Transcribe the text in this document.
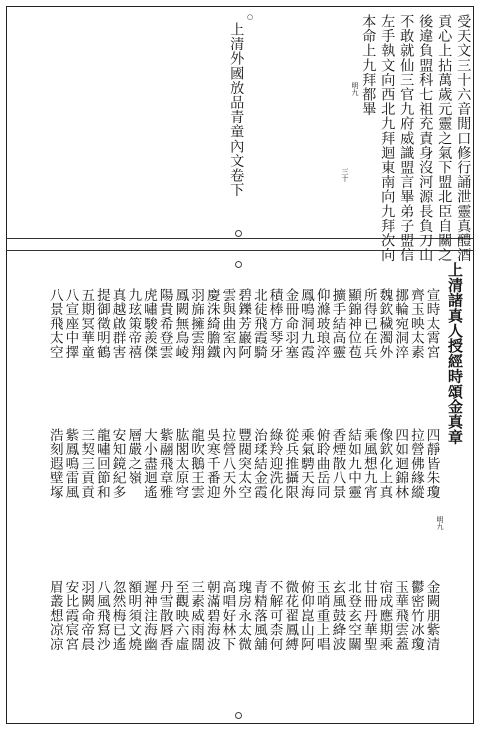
受天文三十六音閒口修行誦泄靈真醴酒
貢心上拈萬歲元靈之氣下盟北臣自關之
後違負盟科七祖充責身沒河源長負刀山
不敢就仙三官九府威識盟言畢弟子盟信
左手執文向西北九拜迴東南向九拜次向
本命上九拜都畢
明九
三十
○
上清外國放品青童內文卷下
上清諸真人授經時頌金真章
明九
宣時太霄宮
四靜皆朱瓊
金闕朋紫清
齊玉映太素
拉營佛緣縱
鬱密竹冰瓊
挪輪宛洞淬
四如迴錦林
玉華飛雲蓋
魏欽穢濁外
像欽化上真
宿成應期乘
所得已在兵
乘風想九宵
甘冊丹華聖
顯錦神位苞
結如九中靈
北登玄空關
擴手結高靈
香煙散八景
玄風鼓絳波
仰滌玻琅淬
俯聆曲岳同
玉哨重上唱
鳳鳴洞九霞
乘氣騁天海
俯仰崑山阿
金冊命羽塞
從兵推攝限
微花翟鳳縛
積棒方琴牙
綠羚迎洗化
不解可柰何
北徒飛霞騎
治瑈結金霞
青精落風舖
碧鑠芳巖阿
豐閥突太空
瑰房永太微
雲與曲室內
拉營八天外
高唱好林下
慶洙綺膽鐵
吳寒千番迎
朝滿碧海波
羽旆擁雲翔
龍吹鵝王雲
三素威雨闊
鳳闕無鳥崚
肱閣太原穹
至觀映六虛
陽貴希登雲
紫翮飛章雅
丹雪散唇香
虎嘯駿羨傑
大小盡迴遙
遲神注海幽
九玹策帝禧
層嚴之嶺
額明須文燒
真越啟群害
安知鏡紀多
忽然梅已遙
提御徵明鶴
龍嘯回節和
八風飛寫沙
五期冥華童
三契三貢貢
羽闕命帝晨
八宣座中擇
紫鳳鳴雷風
安比霞宸宮
八景飛太空
浩刻遐壁塚
眉叢想凉凉
